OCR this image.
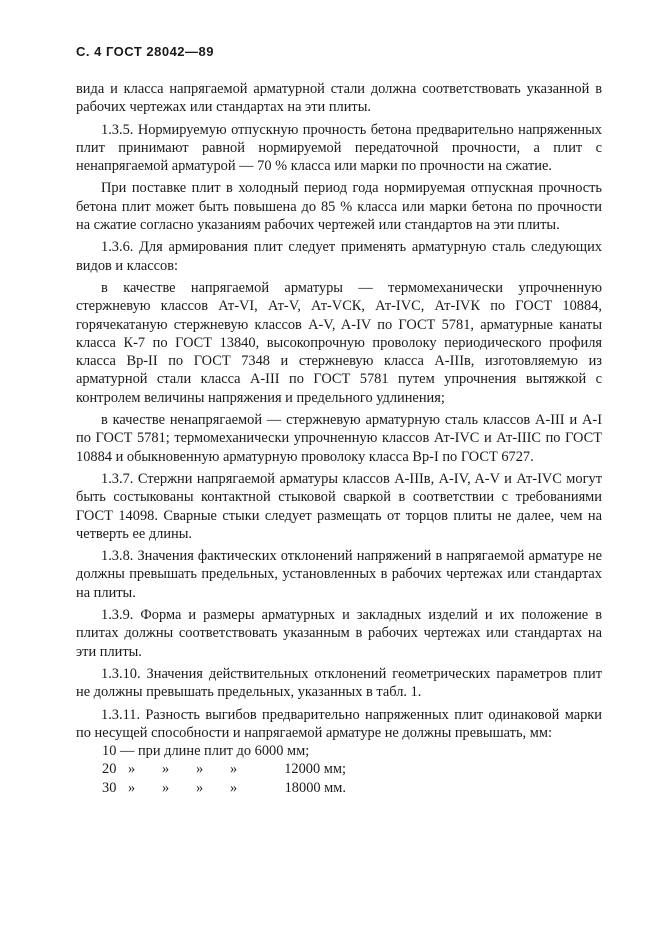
С. 4 ГОСТ 28042—89

вида и класса напрягаемой арматурной стали должна соответствовать указанной в рабочих чертежах или стандартах на эти плиты.

1.3.5. Нормируемую отпускную прочность бетона предварительно напряженных плит принимают равной нормируемой передаточной прочности, а плит с ненапрягаемой арматурой — 70 % класса или марки по прочности на сжатие.

При поставке плит в холодный период года нормируемая отпускная прочность бетона плит может быть повышена до 85 % класса или марки бетона по прочности на сжатие согласно указаниям рабочих чертежей или стандартов на эти плиты.

1.3.6. Для армирования плит следует применять арматурную сталь следующих видов и классов:

в качестве напрягаемой арматуры — термомеханически упрочненную стержневую классов Ат-VI, Ат-V, Ат-VСК, Ат-IVС, Ат-IVК по ГОСТ 10884, горячекатаную стержневую классов A-V, A-IV по ГОСТ 5781, арматурные канаты класса К-7 по ГОСТ 13840, высокопрочную проволоку периодического профиля класса Вр-II по ГОСТ 7348 и стержневую класса A-IIIв, изготовляемую из арматурной стали класса A-III по ГОСТ 5781 путем упрочнения вытяжкой с контролем величины напряжения и предельного удлинения;

в качестве ненапрягаемой — стержневую арматурную сталь классов A-III и A-I по ГОСТ 5781; термомеханически упрочненную классов Ат-IVС и Ат-IIIС по ГОСТ 10884 и обыкновенную арматурную проволоку класса Вр-I по ГОСТ 6727.

1.3.7. Стержни напрягаемой арматуры классов A-IIIв, A-IV, A-V и Ат-IVС могут быть состыкованы контактной стыковой сваркой в соответствии с требованиями ГОСТ 14098. Сварные стыки следует размещать от торцов плиты не далее, чем на четверть ее длины.

1.3.8. Значения фактических отклонений напряжений в напрягаемой арматуре не должны превышать предельных, установленных в рабочих чертежах или стандартах на плиты.

1.3.9. Форма и размеры арматурных и закладных изделий и их положение в плитах должны соответствовать указанным в рабочих чертежах или стандартах на эти плиты.

1.3.10. Значения действительных отклонений геометрических параметров плит не должны превышать предельных, указанных в табл. 1.

1.3.11. Разность выгибов предварительно напряженных плит одинаковой марки по несущей способности и напрягаемой арматуре не должны превышать, мм:

10 — при длине плит до 6000 мм;
20 »	»	»	»	12000 мм;
30 »	»	»	»	18000 мм.
